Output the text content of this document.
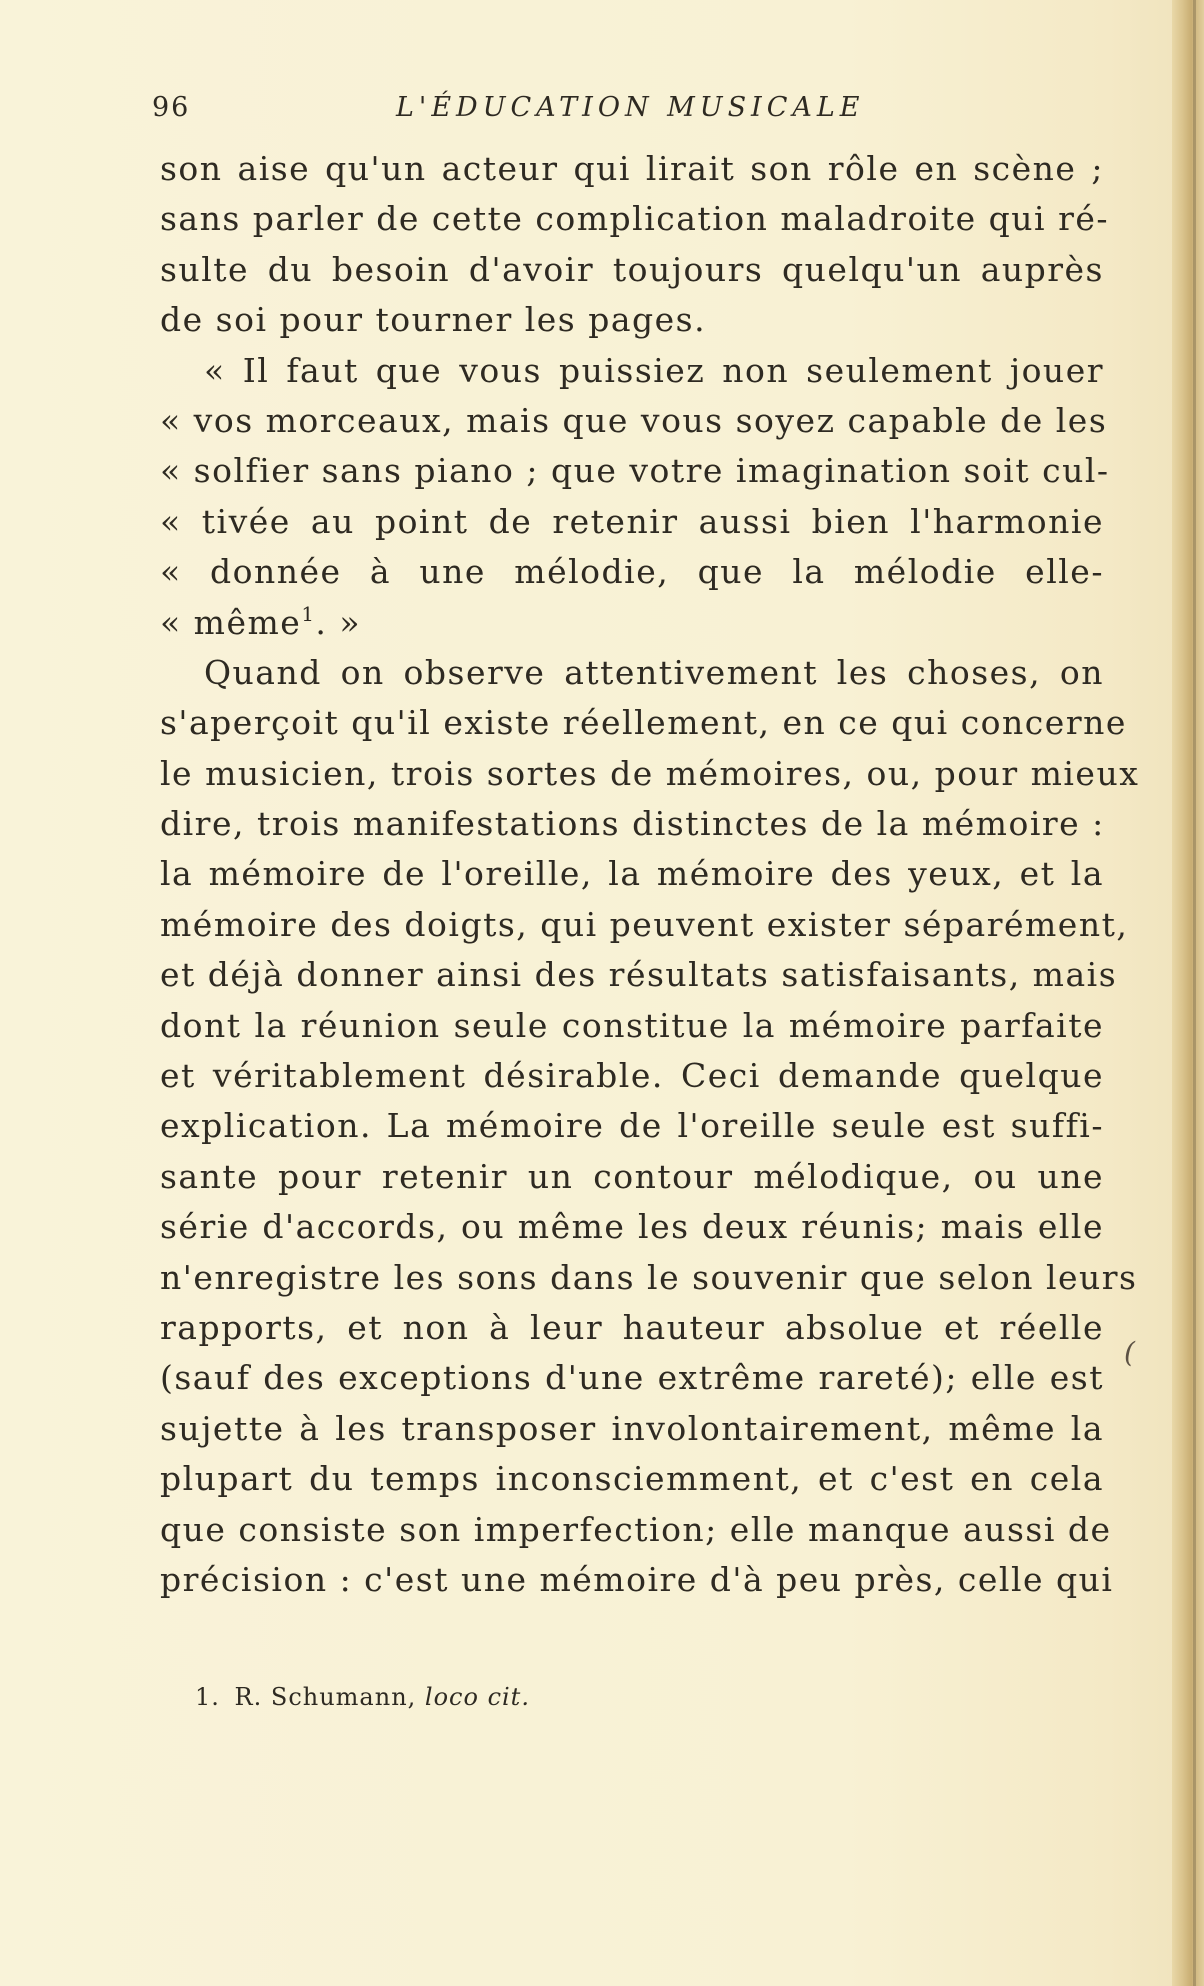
96	L'ÉDUCATION MUSICALE
son aise qu'un acteur qui lirait son rôle en scène ;
sans parler de cette complication maladroite qui ré-
sulte du besoin d'avoir toujours quelqu'un auprès
de soi pour tourner les pages.
« Il faut que vous puissiez non seulement jouer
« vos morceaux, mais que vous soyez capable de les
« solfier sans piano ; que votre imagination soit cul-
« tivée au point de retenir aussi bien l'harmonie
« donnée à une mélodie, que la mélodie elle-
« même$^1$. »
Quand on observe attentivement les choses, on
s'aperçoit qu'il existe réellement, en ce qui concerne
le musicien, trois sortes de mémoires, ou, pour mieux
dire, trois manifestations distinctes de la mémoire :
la mémoire de l'oreille, la mémoire des yeux, et la
mémoire des doigts, qui peuvent exister séparément,
et déjà donner ainsi des résultats satisfaisants, mais
dont la réunion seule constitue la mémoire parfaite
et véritablement désirable. Ceci demande quelque
explication. La mémoire de l'oreille seule est suffi-
sante pour retenir un contour mélodique, ou une
série d'accords, ou même les deux réunis; mais elle
n'enregistre les sons dans le souvenir que selon leurs
rapports, et non à leur hauteur absolue et réelle
(sauf des exceptions d'une extrême rareté); elle est
sujette à les transposer involontairement, même la
plupart du temps inconsciemment, et c'est en cela
que consiste son imperfection; elle manque aussi de
précision : c'est une mémoire d'à peu près, celle qui
(
1. R. Schumann, loco cit.
